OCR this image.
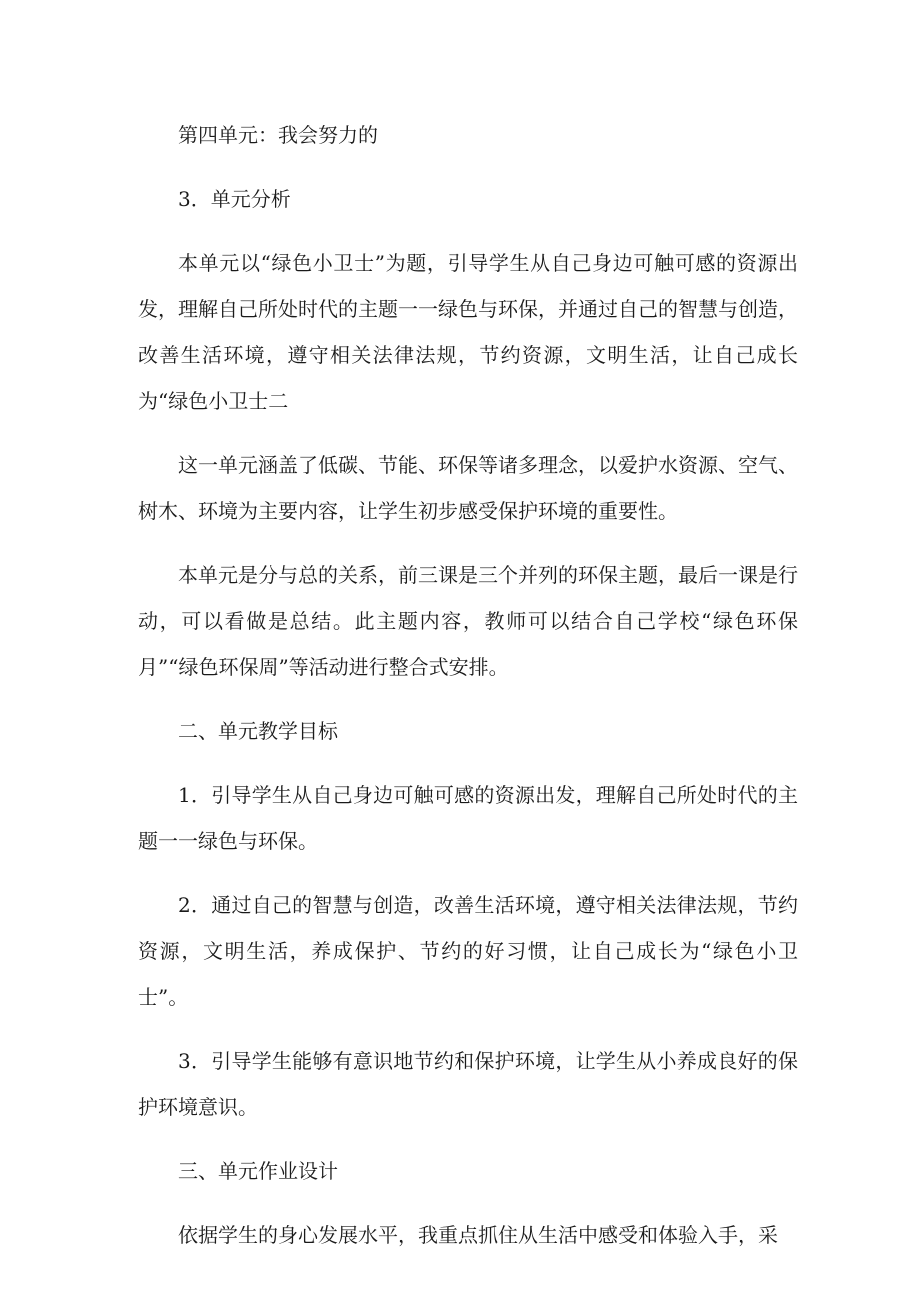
第四单元：我会努力的

3．单元分析

本单元以“绿色小卫士”为题，引导学生从自己身边可触可感的资源出发，理解自己所处时代的主题一一绿色与环保，并通过自己的智慧与创造，改善生活环境，遵守相关法律法规，节约资源，文明生活，让自己成长为“绿色小卫士二

这一单元涵盖了低碳、节能、环保等诸多理念，以爱护水资源、空气、树木、环境为主要内容，让学生初步感受保护环境的重要性。

本单元是分与总的关系，前三课是三个并列的环保主题，最后一课是行动，可以看做是总结。此主题内容，教师可以结合自己学校“绿色环保月”“绿色环保周”等活动进行整合式安排。

二、单元教学目标

1．引导学生从自己身边可触可感的资源出发，理解自己所处时代的主题一一绿色与环保。

2．通过自己的智慧与创造，改善生活环境，遵守相关法律法规，节约资源，文明生活，养成保护、节约的好习惯，让自己成长为“绿色小卫士”。

3．引导学生能够有意识地节约和保护环境，让学生从小养成良好的保护环境意识。

三、单元作业设计

依据学生的身心发展水平，我重点抓住从生活中感受和体验入手，采
